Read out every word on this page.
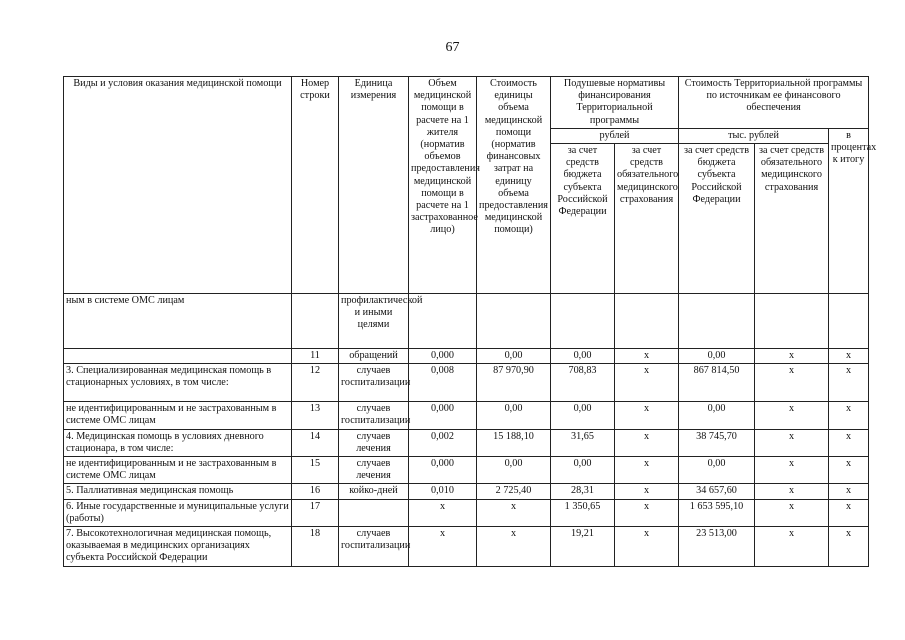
67
Виды и условия оказания медицинской помощи	Номер строки	Единица измерения	Объем медицинской помощи в расчете на 1 жителя (норматив объемов предоставления медицинской помощи в расчете на 1 застрахованное лицо)	Стоимость единицы объема медицинской помощи (норматив финансовых затрат на единицу объема предоставления медицинской помощи)	Подушевые нормативы финансирования Территориальной программы		Стоимость Территориальной программы по источникам ее финансового обеспечения		
					рублей		тыс. рублей		в процентах к итогу
					за счет средств бюджета субъекта Российской Федерации	за счет средств обязательного медицинского страхования	за счет средств бюджета субъекта Российской Федерации	за счет средств обязательного медицинского страхования	
ным в системе ОМС лицам		профилактической и иными целями							
	11	обращений	0,000	0,00	0,00	х	0,00	х	х
3. Специализированная медицинская помощь в стационарных условиях, в том числе:	12	случаев госпитализации	0,008	87 970,90	708,83	х	867 814,50	х	х
не идентифицированным и не застрахованным в системе ОМС лицам	13	случаев госпитализации	0,000	0,00	0,00	х	0,00	х	х
4. Медицинская помощь в условиях дневного стационара, в том числе:	14	случаев лечения	0,002	15 188,10	31,65	х	38 745,70	х	х
не идентифицированным и не застрахованным в системе ОМС лицам	15	случаев лечения	0,000	0,00	0,00	х	0,00	х	х
5. Паллиативная медицинская помощь	16	койко-дней	0,010	2 725,40	28,31	х	34 657,60	х	х
6. Иные государственные и муниципальные услуги (работы)	17		х	х	1 350,65	х	1 653 595,10	х	х
7. Высокотехнологичная медицинская помощь, оказываемая в медицинских организациях субъекта Российской Федерации	18	случаев госпитализации	х	х	19,21	х	23 513,00	х	х
